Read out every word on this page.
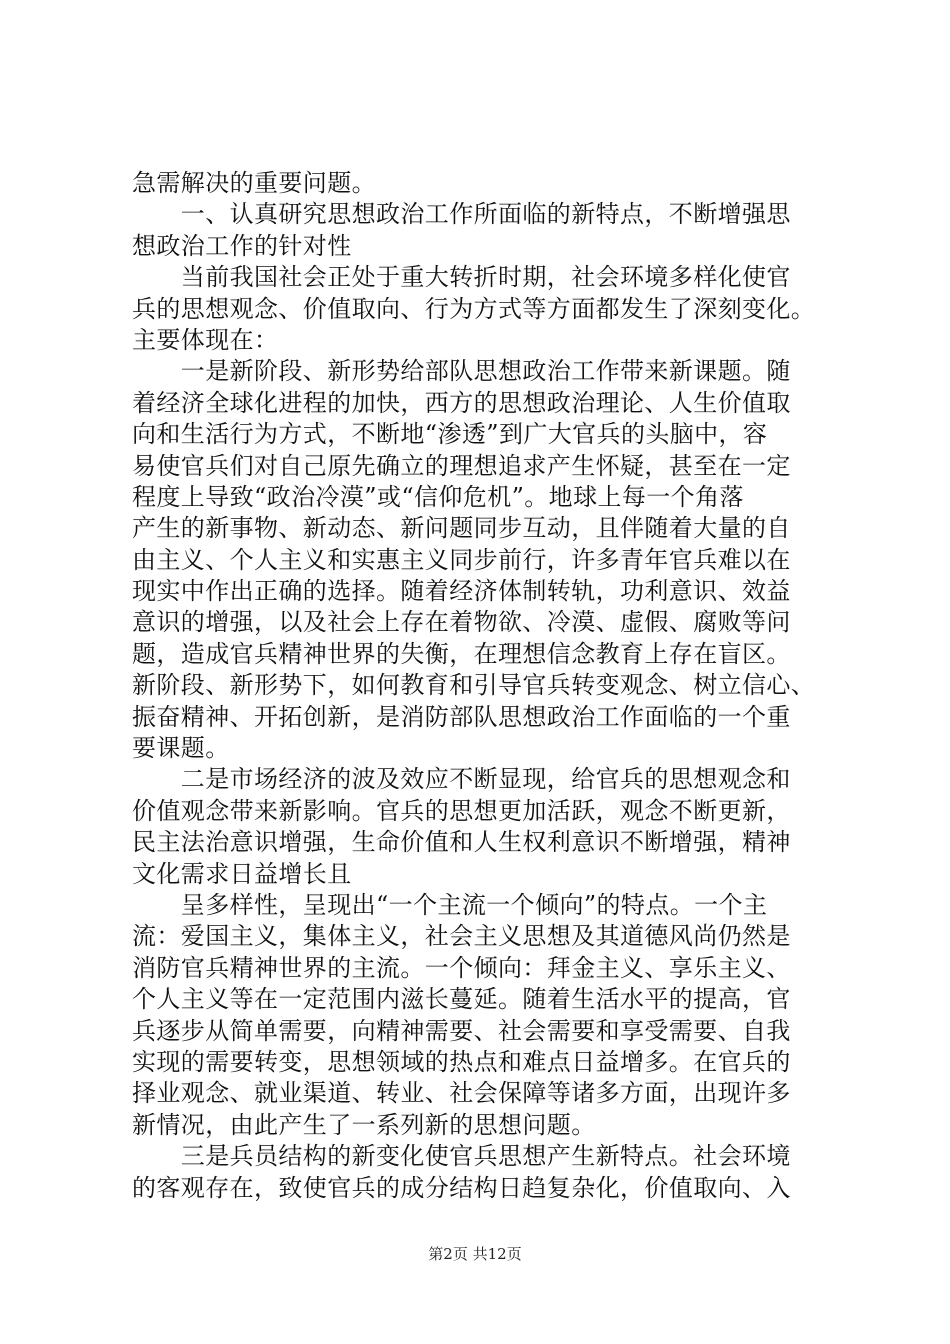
急需解决的重要问题。
　　一、认真研究思想政治工作所面临的新特点，不断增强思
想政治工作的针对性
　　当前我国社会正处于重大转折时期，社会环境多样化使官
兵的思想观念、价值取向、行为方式等方面都发生了深刻变化。
主要体现在：
　　一是新阶段、新形势给部队思想政治工作带来新课题。随
着经济全球化进程的加快，西方的思想政治理论、人生价值取
向和生活行为方式，不断地“渗透”到广大官兵的头脑中，容
易使官兵们对自己原先确立的理想追求产生怀疑，甚至在一定
程度上导致“政治冷漠”或“信仰危机”。地球上每一个角落
产生的新事物、新动态、新问题同步互动，且伴随着大量的自
由主义、个人主义和实惠主义同步前行，许多青年官兵难以在
现实中作出正确的选择。随着经济体制转轨，功利意识、效益
意识的增强，以及社会上存在着物欲、冷漠、虚假、腐败等问
题，造成官兵精神世界的失衡，在理想信念教育上存在盲区。
新阶段、新形势下，如何教育和引导官兵转变观念、树立信心、
振奋精神、开拓创新，是消防部队思想政治工作面临的一个重
要课题。
　　二是市场经济的波及效应不断显现，给官兵的思想观念和
价值观念带来新影响。官兵的思想更加活跃，观念不断更新，
民主法治意识增强，生命价值和人生权利意识不断增强，精神
文化需求日益增长且
　　呈多样性，呈现出“一个主流一个倾向”的特点。一个主
流：爱国主义，集体主义，社会主义思想及其道德风尚仍然是
消防官兵精神世界的主流。一个倾向：拜金主义、享乐主义、
个人主义等在一定范围内滋长蔓延。随着生活水平的提高，官
兵逐步从简单需要，向精神需要、社会需要和享受需要、自我
实现的需要转变，思想领域的热点和难点日益增多。在官兵的
择业观念、就业渠道、转业、社会保障等诸多方面，出现许多
新情况，由此产生了一系列新的思想问题。
　　三是兵员结构的新变化使官兵思想产生新特点。社会环境
的客观存在，致使官兵的成分结构日趋复杂化，价值取向、入
第2页 共12页
